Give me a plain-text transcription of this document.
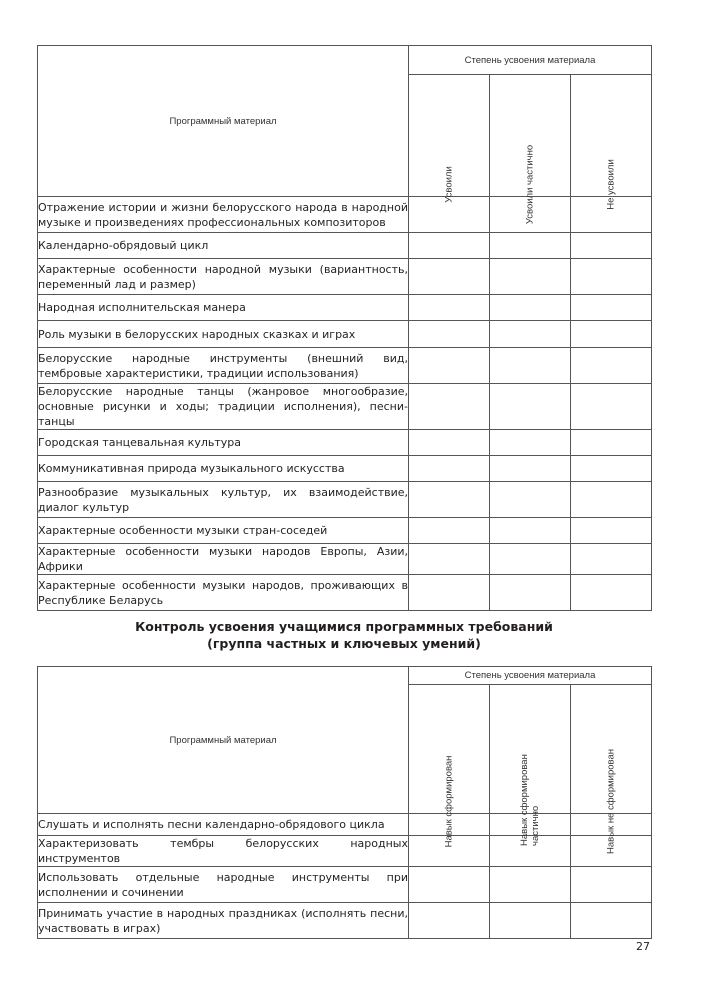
Программный материал	Степень усвоения материала		

	Усвоили	Усвоили частично	Не усвоили

Отражение истории и жизни белорусского народа в народной музыке и произведениях профессиональных композиторов			
Календарно-обрядовый цикл			
Характерные особенности народной музыки (вариантность, переменный лад и размер)			
Народная исполнительская манера			
Роль музыки в белорусских народных сказках и играх			
Белорусские народные инструменты (внешний вид, тембровые характеристики, традиции использования)			
Белорусские народные танцы (жанровое многообразие, основные рисунки и ходы; традиции исполнения), песни-танцы			
Городская танцевальная культура			
Коммуникативная природа музыкального искусства			
Разнообразие музыкальных культур, их взаимодействие, диалог культур			
Характерные особенности музыки стран-соседей			
Характерные особенности музыки народов Европы, Азии, Африки			
Характерные особенности музыки народов, проживающих в Республике Беларусь			
Контроль усвоения учащимися программных требований
(группа частных и ключевых умений)
Программный материал	Степень усвоения материала		

	Навык сформирован	Навык сформирован частично	Навык не сформирован

Слушать и исполнять песни календарно-обрядового цикла			
Характеризовать тембры белорусских народных инструментов			
Использовать отдельные народные инструменты при исполнении и сочинении			
Принимать участие в народных праздниках (исполнять песни, участвовать в играх)			
27
